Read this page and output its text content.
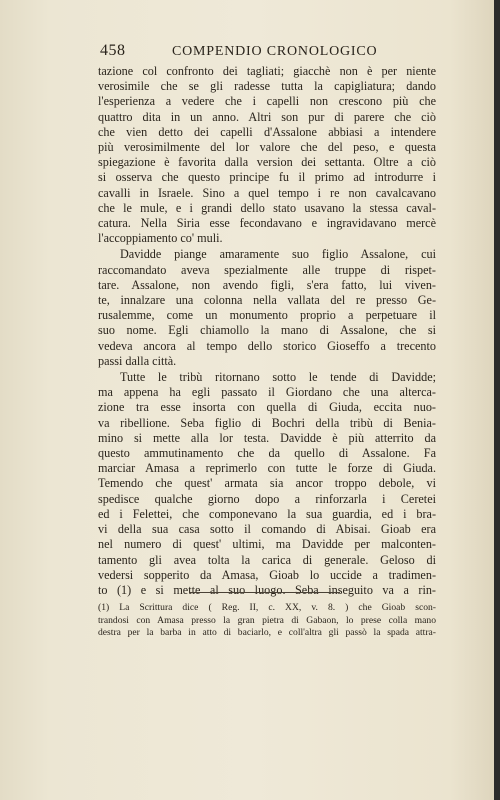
458	COMPENDIO CRONOLOGICO

tazione col confronto dei tagliati; giacchè non è per niente
verosimile che se gli radesse tutta la capigliatura; dando
l'esperienza a vedere che i capelli non crescono più che
quattro dita in un anno. Altri son pur di parere che ciò
che vien detto dei capelli d'Assalone abbiasi a intendere
più verosimilmente del lor valore che del peso, e questa
spiegazione è favorita dalla version dei settanta. Oltre a ciò
si osserva che questo principe fu il primo ad introdurre i
cavalli in Israele. Sino a quel tempo i re non cavalcavano
che le mule, e i grandi dello stato usavano la stessa caval-
catura. Nella Siria esse fecondavano e ingravidavano mercè
l'accoppiamento co' muli.

Davidde piange amaramente suo figlio Assalone, cui
raccomandato aveva spezialmente alle truppe di rispet-
tare. Assalone, non avendo figli, s'era fatto, lui viven-
te, innalzare una colonna nella vallata del re presso Ge-
rusalemme, come un monumento proprio a perpetuare il
suo nome. Egli chiamollo la mano di Assalone, che si
vedeva ancora al tempo dello storico Gioseffo a trecento
passi dalla città.

Tutte le tribù ritornano sotto le tende di Davidde;
ma appena ha egli passato il Giordano che una alterca-
zione tra esse insorta con quella di Giuda, eccita nuo-
va ribellione. Seba figlio di Bochri della tribù di Benia-
mino si mette alla lor testa. Davidde è più atterrito da
questo ammutinamento che da quello di Assalone. Fa
marciar Amasa a reprimerlo con tutte le forze di Giuda.
Temendo che quest' armata sia ancor troppo debole, vi
spedisce qualche giorno dopo a rinforzarla i Ceretei
ed i Felettei, che componevano la sua guardia, ed i bra-
vi della sua casa sotto il comando di Abisai. Gioab era
nel numero di quest' ultimi, ma Davidde per malconten-
tamento gli avea tolta la carica di generale. Geloso di
vedersi sopperito da Amasa, Gioab lo uccide a tradimen-
to (1) e si mette al suo luogo. Seba inseguito va a rin-

(1) La Scrittura dice ( Reg. II, c. XX, v. 8. ) che Gioab scon-
trandosi con Amasa presso la gran pietra di Gabaon, lo prese colla mano
destra per la barba in atto di baciarlo, e coll'altra gli passò la spada attra-
